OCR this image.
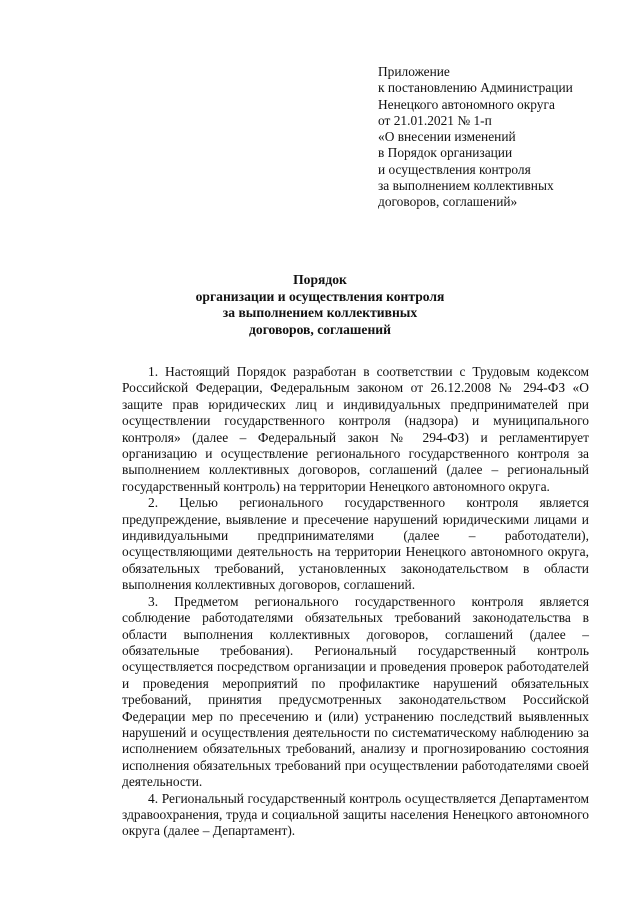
Приложение
к постановлению Администрации
Ненецкого автономного округа
от 21.01.2021 № 1-п
«О внесении изменений
в Порядок организации
и осуществления контроля
за выполнением коллективных
договоров, соглашений»
Порядок
организации и осуществления контроля
за выполнением коллективных
договоров, соглашений

1. Настоящий Порядок разработан в соответствии с Трудовым кодексом Российской Федерации, Федеральным законом от 26.12.2008 № 294-ФЗ «О защите прав юридических лиц и индивидуальных предпринимателей при осуществлении государственного контроля (надзора) и муниципального контроля» (далее – Федеральный закон № 294-ФЗ) и регламентирует организацию и осуществление регионального государственного контроля за выполнением коллективных договоров, соглашений (далее – региональный государственный контроль) на территории Ненецкого автономного округа.

2. Целью регионального государственного контроля является предупреждение, выявление и пресечение нарушений юридическими лицами и индивидуальными предпринимателями (далее – работодатели), осуществляющими деятельность на территории Ненецкого автономного округа, обязательных требований, установленных законодательством в области выполнения коллективных договоров, соглашений.

3. Предметом регионального государственного контроля является соблюдение работодателями обязательных требований законодательства в области выполнения коллективных договоров, соглашений (далее – обязательные требования). Региональный государственный контроль осуществляется посредством организации и проведения проверок работодателей и проведения мероприятий по профилактике нарушений обязательных требований, принятия предусмотренных законодательством Российской Федерации мер по пресечению и (или) устранению последствий выявленных нарушений и осуществления деятельности по систематическому наблюдению за исполнением обязательных требований, анализу и прогнозированию состояния исполнения обязательных требований при осуществлении работодателями своей деятельности.

4. Региональный государственный контроль осуществляется Департаментом здравоохранения, труда и социальной защиты населения Ненецкого автономного округа (далее – Департамент).
